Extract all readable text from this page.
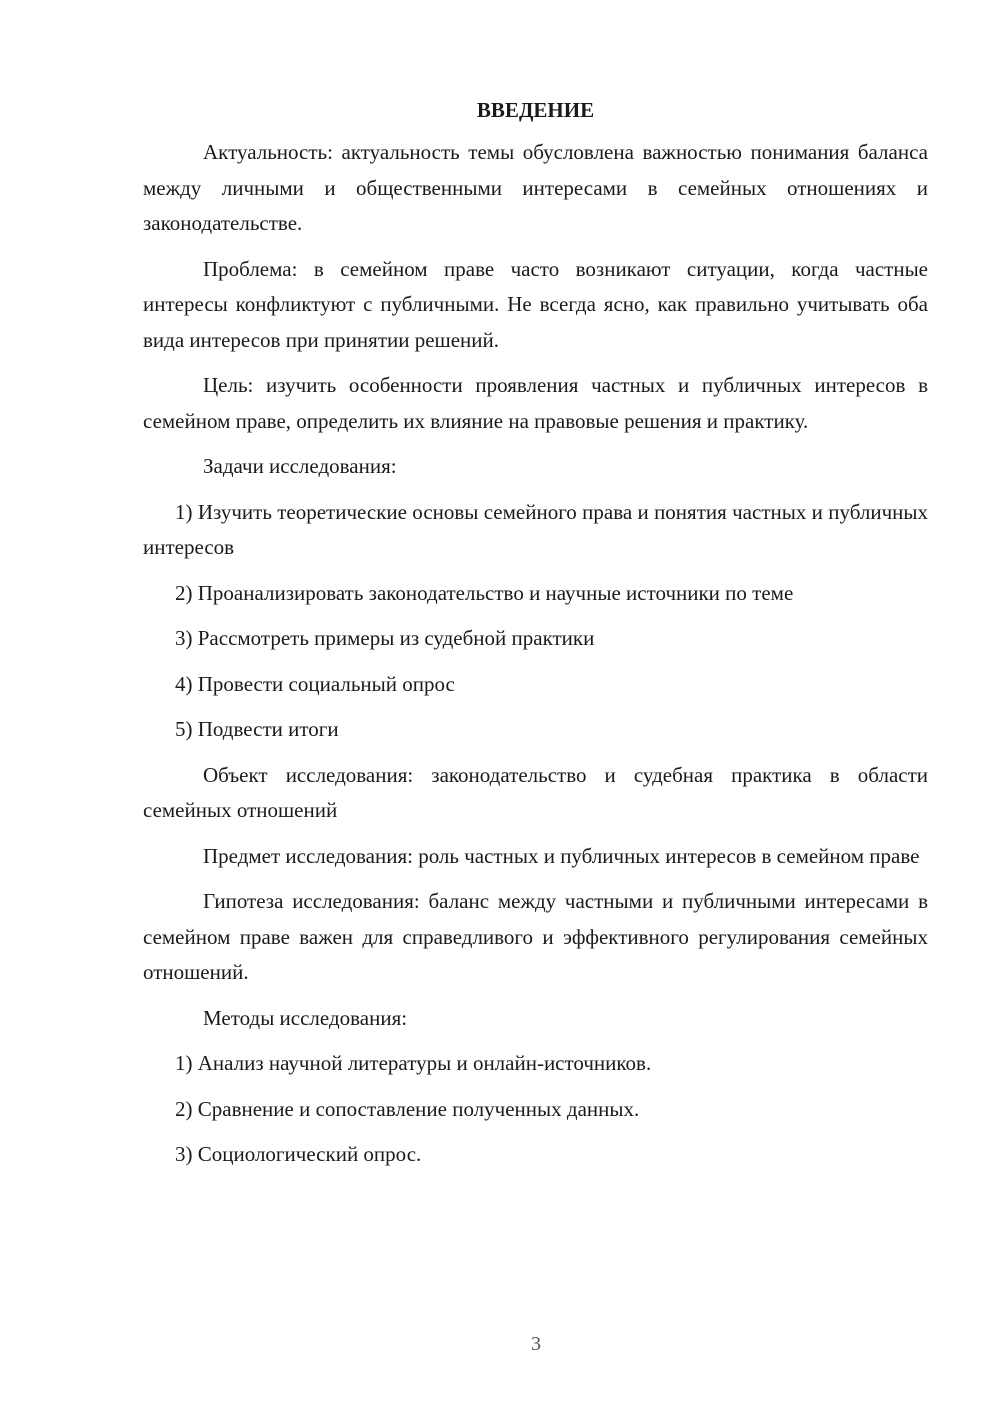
ВВЕДЕНИЕ

Актуальность: актуальность темы обусловлена важностью понимания баланса между личными и общественными интересами в семейных отношениях и законодательстве.

Проблема: в семейном праве часто возникают ситуации, когда частные интересы конфликтуют с публичными. Не всегда ясно, как правильно учитывать оба вида интересов при принятии решений.

Цель: изучить особенности проявления частных и публичных интересов в семейном праве, определить их влияние на правовые решения и практику.

Задачи исследования:

1) Изучить теоретические основы семейного права и понятия частных и публичных интересов

2) Проанализировать законодательство и научные источники по теме

3) Рассмотреть примеры из судебной практики

4) Провести социальный опрос

5) Подвести итоги

Объект исследования: законодательство и судебная практика в области семейных отношений

Предмет исследования: роль частных и публичных интересов в семейном праве

Гипотеза исследования: баланс между частными и публичными интересами в семейном праве важен для справедливого и эффективного регулирования семейных отношений.

Методы исследования:

1) Анализ научной литературы и онлайн-источников.

2) Сравнение и сопоставление полученных данных.

3) Социологический опрос.

3
